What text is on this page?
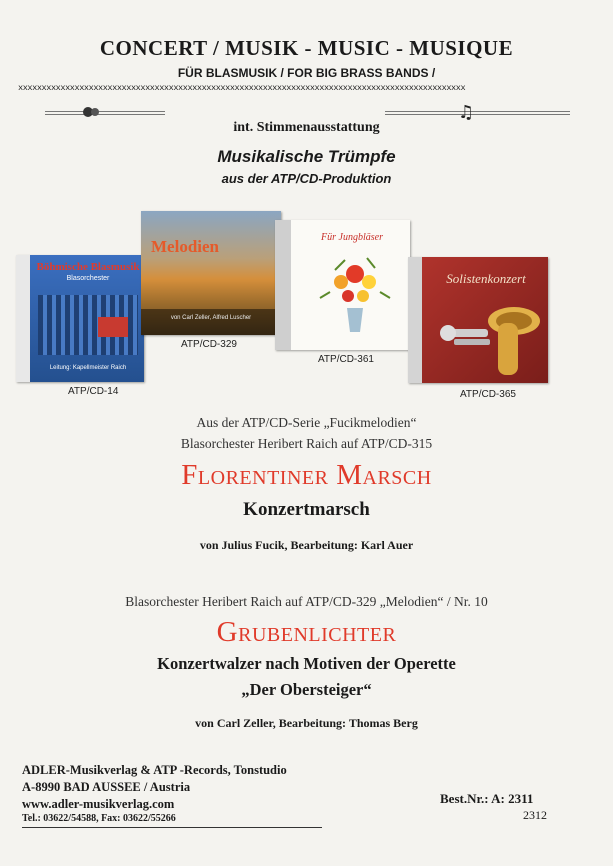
CONCERT / MUSIK - MUSIC - MUSIQUE
FÜR BLASMUSIK / FOR BIG BRASS BANDS /
xxxxxxxxxxxxxxxxxxxxxxxxxxxxxxxxxxxxxxxxxxxxxxxxxxxxxxxxxxxxxxxxxxxxxxxxxxxxxxxxxxxxxxxxxxxxxxx
♫
int. Stimmenausstattung
Musikalische Trümpfe
aus der ATP/CD-Produktion
Böhmische Blasmusik
Blasorchester
Leitung: Kapellmeister Raich
ATP/CD-14
Melodien
von Carl Zeller, Alfred Luscher
ATP/CD-329
Für Jungbläser
ATP/CD-361
Solistenkonzert
ATP/CD-365
Aus der ATP/CD-Serie „Fucikmelodien“
Blasorchester Heribert Raich auf ATP/CD-315
Florentiner Marsch
Konzertmarsch
von Julius Fucik, Bearbeitung: Karl Auer
Blasorchester Heribert Raich auf ATP/CD-329 „Melodien“ / Nr. 10
Grubenlichter
Konzertwalzer nach Motiven der Operette
„Der Obersteiger“
von Carl Zeller, Bearbeitung: Thomas Berg
ADLER-Musikverlag & ATP -Records, Tonstudio
A-8990 BAD AUSSEE / Austria
www.adler-musikverlag.com
Tel.: 03622/54588, Fax: 03622/55266
Best.Nr.: A: 2311
2312
